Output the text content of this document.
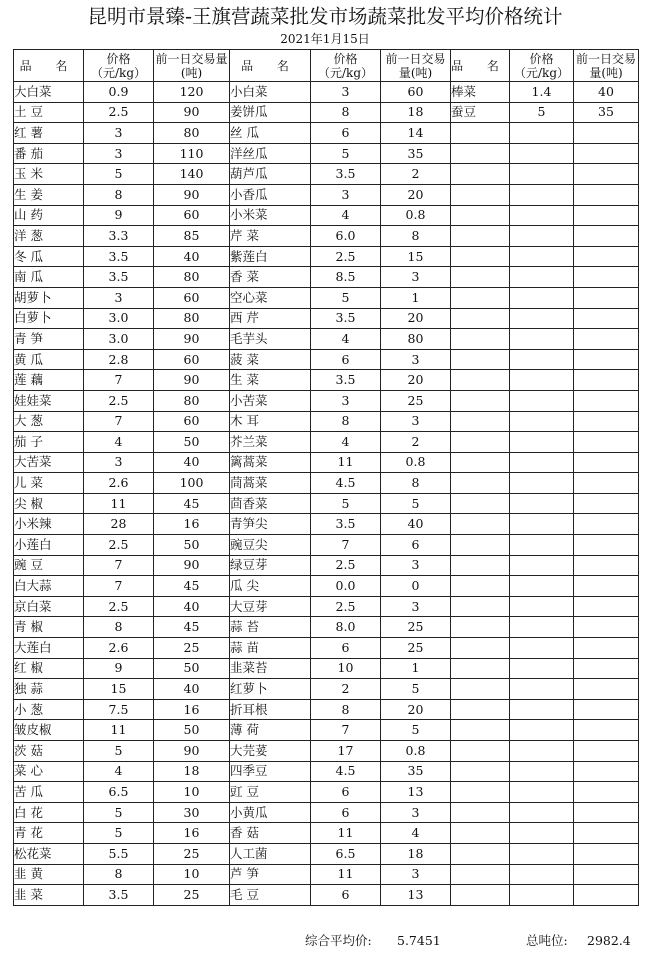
昆明市景臻-王旗营蔬菜批发市场蔬菜批发平均价格统计
2021年1月15日
品 名	价格（元/kg）	前一日交易量(吨)	品 名	价格（元/kg）	前一日交易量(吨)	品 名	价格（元/kg）	前一日交易量(吨)
大白菜	0.9	120	小白菜	3	60	棒菜	1.4	40
土 豆	2.5	90	姜饼瓜	8	18	蚕豆	5	35
红 薯	3	80	丝 瓜	6	14			
番 茄	3	110	洋丝瓜	5	35			
玉 米	5	140	葫芦瓜	3.5	2			
生 姜	8	90	小香瓜	3	20			
山 药	9	60	小米菜	4	0.8			
洋 葱	3.3	85	芹 菜	6.0	8			
冬 瓜	3.5	40	紫莲白	2.5	15			
南 瓜	3.5	80	香 菜	8.5	3			
胡萝卜	3	60	空心菜	5	1			
白萝卜	3.0	80	西 芹	3.5	20			
青 笋	3.0	90	毛芋头	4	80			
黄 瓜	2.8	60	菠 菜	6	3			
莲 藕	7	90	生 菜	3.5	20			
娃娃菜	2.5	80	小苦菜	3	25			
大 葱	7	60	木 耳	8	3			
茄 子	4	50	芥兰菜	4	2			
大苦菜	3	40	篱蒿菜	11	0.8			
儿 菜	2.6	100	茼蒿菜	4.5	8			
尖 椒	11	45	茴香菜	5	5			
小米辣	28	16	青笋尖	3.5	40			
小莲白	2.5	50	豌豆尖	7	6			
豌 豆	7	90	绿豆芽	2.5	3			
白大蒜	7	45	瓜 尖	0.0	0			
京白菜	2.5	40	大豆芽	2.5	3			
青 椒	8	45	蒜 苔	8.0	25			
大莲白	2.6	25	蒜 苗	6	25			
红 椒	9	50	韭菜苔	10	1			
独 蒜	15	40	红萝卜	2	5			
小 葱	7.5	16	折耳根	8	20			
皱皮椒	11	50	薄 荷	7	5			
茨 菇	5	90	大芫荽	17	0.8			
菜 心	4	18	四季豆	4.5	35			
苦 瓜	6.5	10	豇 豆	6	13			
白 花	5	30	小黄瓜	6	3			
青 花	5	16	香 菇	11	4			
松花菜	5.5	25	人工菌	6.5	18			
韭 黄	8	10	芦 笋	11	3			
韭 菜	3.5	25	毛 豆	6	13			
综合平均价: 5.7451	总吨位: 2982.4
